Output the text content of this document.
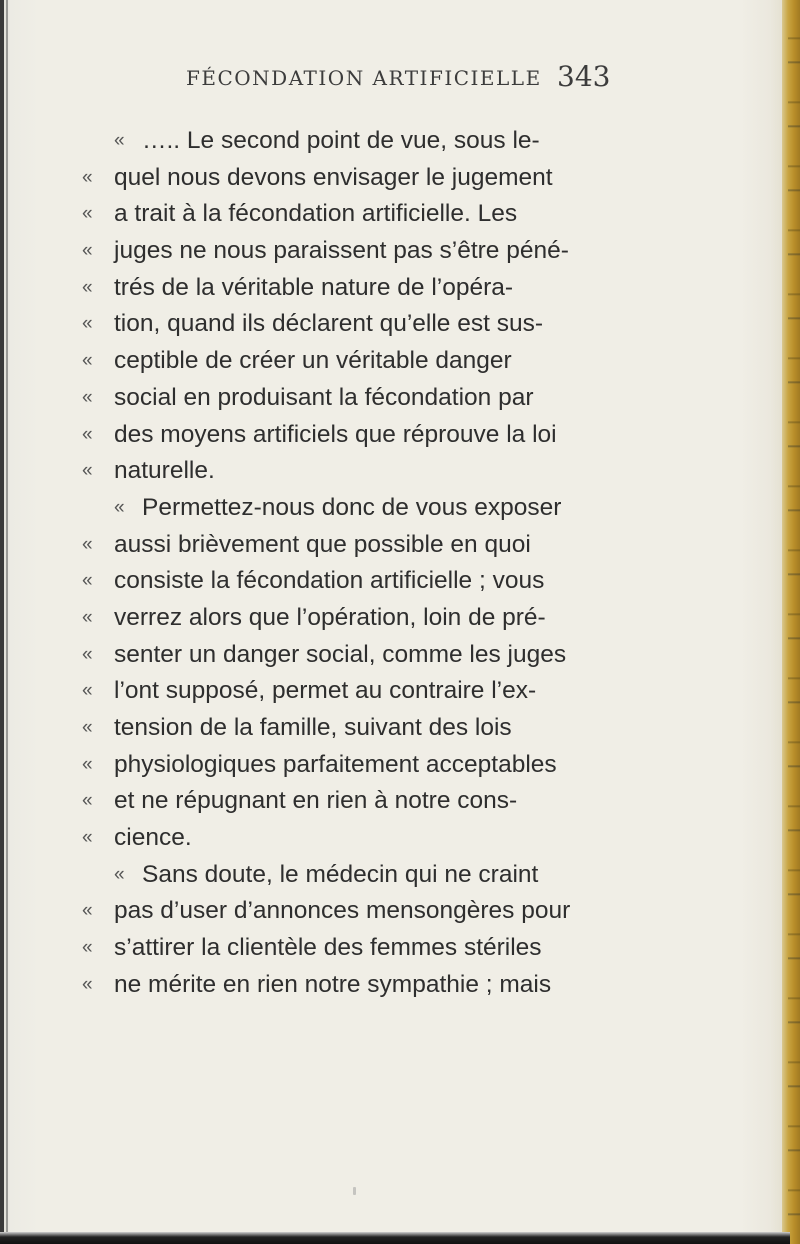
FÉCONDATION ARTIFICIELLE 343
« ….. Le second point de vue, sous le-
« quel nous devons envisager le jugement
« a trait à la fécondation artificielle. Les
« juges ne nous paraissent pas s’être péné-
« trés de la véritable nature de l’opéra-
« tion, quand ils déclarent qu’elle est sus-
« ceptible de créer un véritable danger
« social en produisant la fécondation par
« des moyens artificiels que réprouve la loi
« naturelle.
« Permettez-nous donc de vous exposer
« aussi brièvement que possible en quoi
« consiste la fécondation artificielle ; vous
« verrez alors que l’opération, loin de pré-
« senter un danger social, comme les juges
« l’ont supposé, permet au contraire l’ex-
« tension de la famille, suivant des lois
« physiologiques parfaitement acceptables
« et ne répugnant en rien à notre cons-
« cience.
« Sans doute, le médecin qui ne craint
« pas d’user d’annonces mensongères pour
« s’attirer la clientèle des femmes stériles
« ne mérite en rien notre sympathie ; mais
